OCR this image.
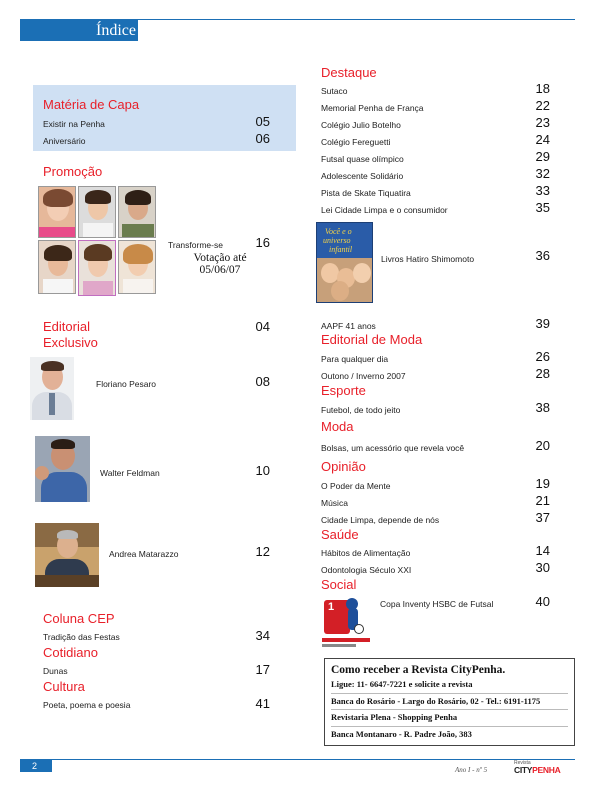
Índice
Matéria de Capa
Existir na Penha	05
Aniversário	06
Promoção
Transforme-se	16
Votação até
05/06/07
Editorial	04
Exclusivo
Floriano Pesaro	08
Walter Feldman	10
Andrea Matarazzo	12
Coluna CEP
Tradição das Festas	34
Cotidiano
Dunas	17
Cultura
Poeta, poema e poesia	41
Destaque
Sutaco	18
Memorial Penha de França	22
Colégio Julio Botelho	23
Colégio Fereguetti	24
Futsal quase olímpico	29
Adolescente Solidário	32
Pista de Skate Tiquatira	33
Lei Cidade Limpa e o consumidor	35
Você e o
universo
infantil
Livros Hatiro Shimomoto	36
AAPF 41 anos	39
Editorial de Moda
Para qualquer dia	26
Outono / Inverno 2007	28
Esporte
Futebol, de todo jeito	38
Moda
Bolsas, um acessório que revela você	20
Opinião
O Poder da Mente	19
Música	21
Cidade Limpa, depende de nós	37
Saúde
Hábitos de Alimentação	14
Odontologia Século XXI	30
Social
1	Copa Inventy HSBC de Futsal	40
Como receber a Revista CityPenha.
Ligue: 11- 6647-7221 e solicite a revista
Banca do Rosário - Largo do Rosário, 02 - Tel.: 6191-1175
Revistaria Plena - Shopping Penha
Banca Montanaro - R. Padre João, 383
2	Ano I - nº 5
Revista
CITYPENHA
